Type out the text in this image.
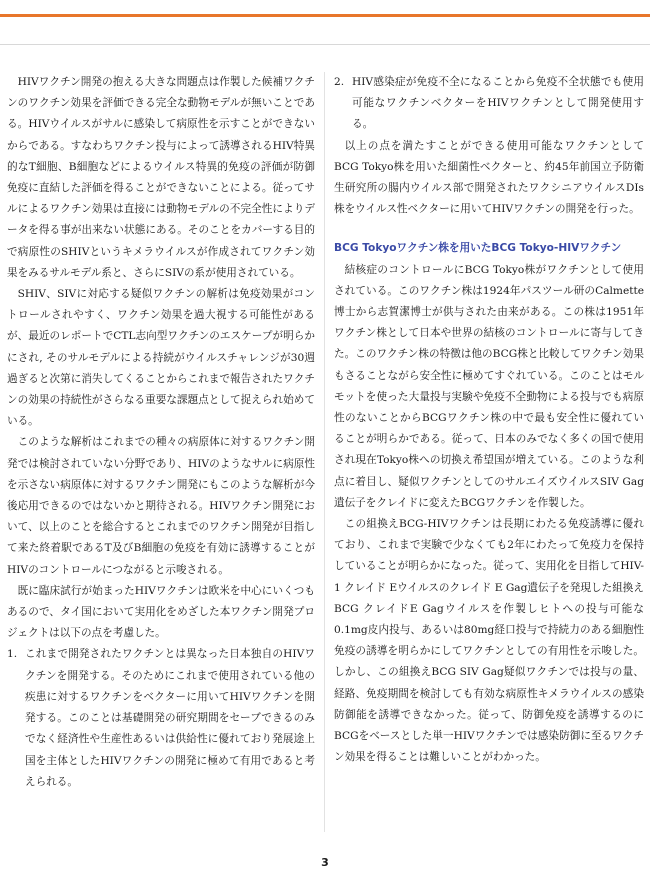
HIVワクチン開発の抱える大きな問題点は作製した候補ワクチンのワクチン効果を評価できる完全な動物モデルが無いことである。HIVウイルスがサルに感染して病原性を示すことができないからである。すなわちワクチン投与によって誘導されるHIV特異的なT細胞、B細胞などによるウイルス特異的免疫の評価が防御免疫に直結した評価を得ることができないことによる。従ってサルによるワクチン効果は直接には動物モデルの不完全性によりデータを得る事が出来ない状態にある。そのことをカバーする目的で病原性のSHIVというキメラウイルスが作成されてワクチン効果をみるサルモデル系と、さらにSIVの系が使用されている。

SHIV、SIVに対応する疑似ワクチンの解析は免疫効果がコントロールされやすく、ワクチン効果を過大視する可能性があるが、最近のレポートでCTL志向型ワクチンのエスケープが明らかにされ, そのサルモデルによる持続がウイルスチャレンジが30週過ぎると次第に消失してくることからこれまで報告されたワクチンの効果の持続性がさらなる重要な課題点として捉えられ始めている。

このような解析はこれまでの種々の病原体に対するワクチン開発では検討されていない分野であり、HIVのようなサルに病原性を示さない病原体に対するワクチン開発にもこのような解析が今後応用できるのではないかと期待される。HIVワクチン開発において、以上のことを総合するとこれまでのワクチン開発が目指して来た終着駅であるT及びB細胞の免疫を有効に誘導することがHIVのコントロールにつながると示唆される。

既に臨床試行が始まったHIVワクチンは欧米を中心にいくつもあるので、タイ国において実用化をめざした本ワクチン開発プロジェクトは以下の点を考慮した。

1. これまで開発されたワクチンとは異なった日本独自のHIVワクチンを開発する。そのためにこれまで使用されている他の疾患に対するワクチンをベクターに用いてHIVワクチンを開発する。このことは基礎開発の研究期間をセーブできるのみでなく経済性や生産性あるいは供給性に優れており発展途上国を主体としたHIVワクチンの開発に極めて有用であると考えられる。
2. HIV感染症が免疫不全になることから免疫不全状態でも使用可能なワクチンベクターをHIVワクチンとして開発使用する。

以上の点を満たすことができる使用可能なワクチンとしてBCG Tokyo株を用いた細菌性ベクターと、約45年前国立予防衛生研究所の腸内ウイルス部で開発されたワクシニアウイルスDIs株をウイルス性ベクターに用いてHIVワクチンの開発を行った。

BCG Tokyoワクチン株を用いたBCG Tokyo-HIVワクチン

結核症のコントロールにBCG Tokyo株がワクチンとして使用されている。このワクチン株は1924年パスツール研のCalmette博士から志賀潔博士が供与された由来がある。この株は1951年ワクチン株として日本や世界の結核のコントロールに寄与してきた。このワクチン株の特徴は他のBCG株と比較してワクチン効果もさることながら安全性に極めてすぐれている。このことはモルモットを使った大量投与実験や免疫不全動物による投与でも病原性のないことからBCGワクチン株の中で最も安全性に優れていることが明らかである。従って、日本のみでなく多くの国で使用され現在Tokyo株への切換え希望国が増えている。このような利点に着目し、疑似ワクチンとしてのサルエイズウイルスSIV Gag遺伝子をクレイドに変えたBCGワクチンを作製した。

この組換えBCG-HIVワクチンは長期にわたる免疫誘導に優れており、これまで実験で少なくても2年にわたって免疫力を保持していることが明らかになった。従って、実用化を目指してHIV-1 クレイド Eウイルスのクレイド E Gag遺伝子を発現した組換えBCG クレイドE Gagウイルスを作製しヒトへの投与可能な0.1mg皮内投与、あるいは80mg経口投与で持続力のある細胞性免疫の誘導を明らかにしてワクチンとしての有用性を示唆した。しかし、この組換えBCG SIV Gag疑似ワクチンでは投与の量、経路、免疫期間を検討しても有効な病原性キメラウイルスの感染防御能を誘導できなかった。従って、防御免疫を誘導するのにBCGをベースとした単一HIVワクチンでは感染防御に至るワクチン効果を得ることは難しいことがわかった。

3
